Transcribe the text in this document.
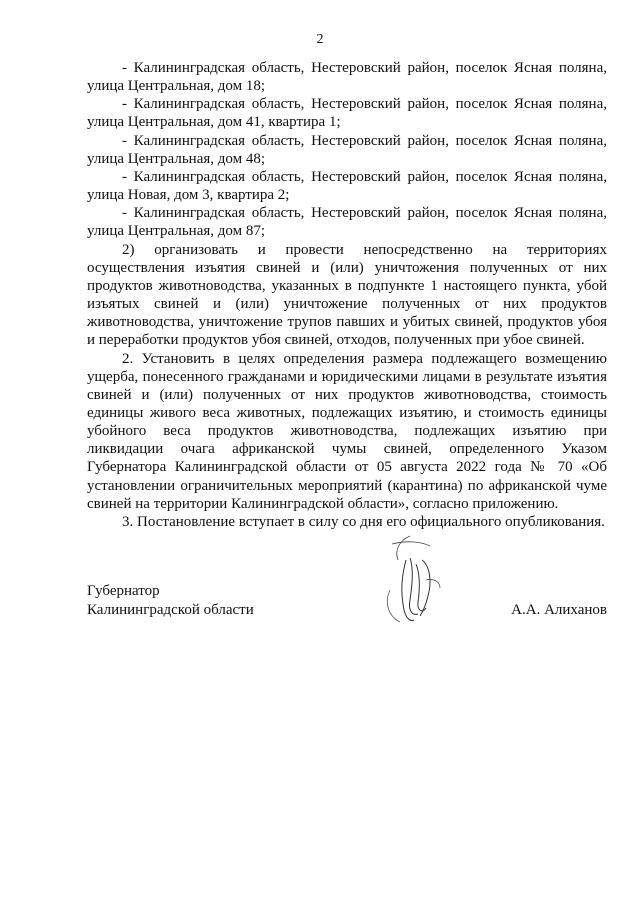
2

- Калининградская область, Нестеровский район, поселок Ясная поляна, улица Центральная, дом 18;

- Калининградская область, Нестеровский район, поселок Ясная поляна, улица Центральная, дом 41, квартира 1;

- Калининградская область, Нестеровский район, поселок Ясная поляна, улица Центральная, дом 48;

- Калининградская область, Нестеровский район, поселок Ясная поляна, улица Новая, дом 3, квартира 2;

- Калининградская область, Нестеровский район, поселок Ясная поляна, улица Центральная, дом 87;

2) организовать и провести непосредственно на территориях осуществления изъятия свиней и (или) уничтожения полученных от них продуктов животноводства, указанных в подпункте 1 настоящего пункта, убой изъятых свиней и (или) уничтожение полученных от них продуктов животноводства, уничтожение трупов павших и убитых свиней, продуктов убоя и переработки продуктов убоя свиней, отходов, полученных при убое свиней.

2. Установить в целях определения размера подлежащего возмещению ущерба, понесенного гражданами и юридическими лицами в результате изъятия свиней и (или) полученных от них продуктов животноводства, стоимость единицы живого веса животных, подлежащих изъятию, и стоимость единицы убойного веса продуктов животноводства, подлежащих изъятию при ликвидации очага африканской чумы свиней, определенного Указом Губернатора Калининградской области от 05 августа 2022 года № 70 «Об установлении ограничительных мероприятий (карантина) по африканской чуме свиней на территории Калининградской области», согласно приложению.

3. Постановление вступает в силу со дня его официального опубликования.

Губернатор
Калининградской области	А.А. Алиханов
